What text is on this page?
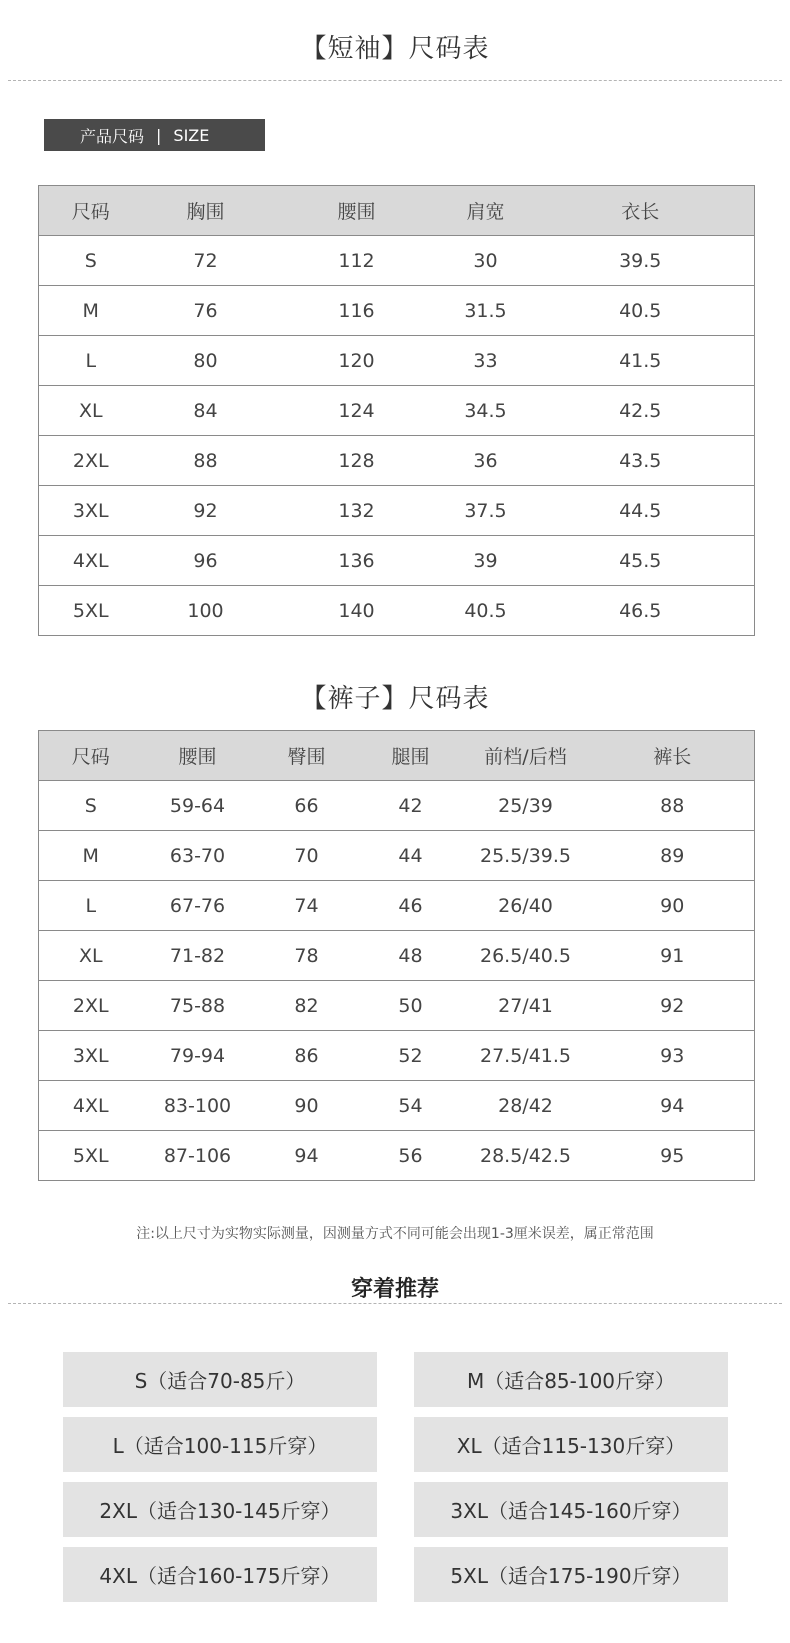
【短袖】尺码表
产品尺码 | SIZE
尺码	胸围	腰围	肩宽	衣长
S	72	112	30	39.5
M	76	116	31.5	40.5
L	80	120	33	41.5
XL	84	124	34.5	42.5
2XL	88	128	36	43.5
3XL	92	132	37.5	44.5
4XL	96	136	39	45.5
5XL	100	140	40.5	46.5
【裤子】尺码表
尺码	腰围	臀围	腿围	前档/后档	裤长
S	59-64	66	42	25/39	88
M	63-70	70	44	25.5/39.5	89
L	67-76	74	46	26/40	90
XL	71-82	78	48	26.5/40.5	91
2XL	75-88	82	50	27/41	92
3XL	79-94	86	52	27.5/41.5	93
4XL	83-100	90	54	28/42	94
5XL	87-106	94	56	28.5/42.5	95
注:以上尺寸为实物实际测量，因测量方式不同可能会出现1-3厘米误差，属正常范围
穿着推荐
S（适合70-85斤）	M（适合85-100斤穿）
L（适合100-115斤穿）	XL（适合115-130斤穿）
2XL（适合130-145斤穿）	3XL（适合145-160斤穿）
4XL（适合160-175斤穿）	5XL（适合175-190斤穿）
